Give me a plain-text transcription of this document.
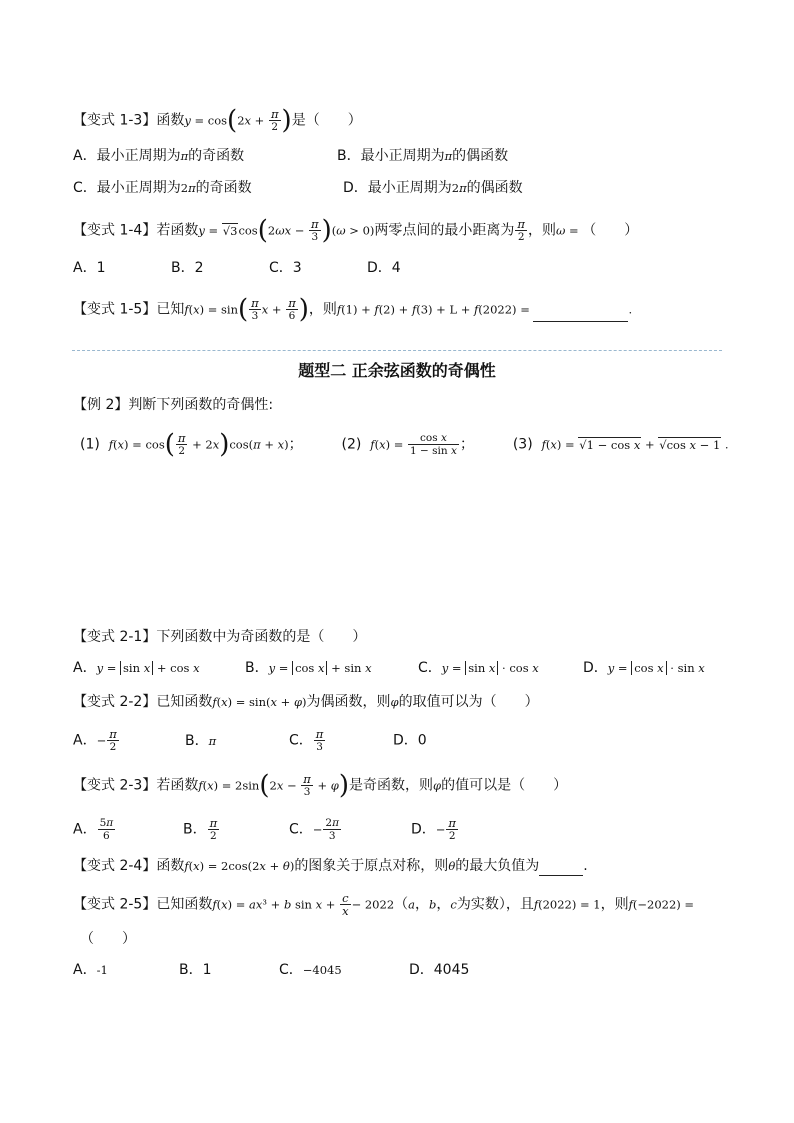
【变式 1-3】函数$y = \cos(2x + \frac{\pi}{2}$ )是（ ）
A．最小正周期为π的奇函数	B．最小正周期为π的偶函数
C．最小正周期为2π的奇函数	D．最小正周期为2π的偶函数
【变式 1-4】若函数$y = √3\cos(2\omega x - \frac{\pi}{3} )(\omega > 0)$两零点间的最小距离为 $\frac{\pi}{2}$ ，则ω = （　　）
A．1	B．2	C．3	D．4
【变式 1-5】已知$f(x) = \sin( \frac{\pi}{3}$ $x + \frac{\pi}{6}$ )，则f(1) + f(2) + f(3) + L + f(2022) =	.
题型二 正余弦函数的奇偶性
【例 2】判断下列函数的奇偶性:
(1) $f(x) = \cos( \frac{\pi}{2} + 2x)\cos(\pi + x)$；  (2) $f(x) = \frac{\text{cos x}}{\text{1 − sin x}}$ ；  (3) f(x) = √1 − cos x + √cos x − 1 .
【变式 2-1】下列函数中为奇函数的是（　　）
A．y = sin x + cos x	B．y = cos x + sin x	C．y = sin x · cos x	D．y = cos x · sin x
【变式 2-2】已知函数f(x) = sin(x + φ)为偶函数，则φ的取值可以为（　　）
A．− $\frac{\pi}{2}$	B．π	C． $\frac{\pi}{3}$	D．0
【变式 2-3】若函数$f(x) = 2\sin(2x - \frac{\pi}{3} + \varphi)$是奇函数，则φ的值可以是（　　）
A． $\frac{5\pi}{6}$	B． $\frac{\pi}{2}$	C．− $\frac{2\pi}{3}$	D．− $\frac{\pi}{2}$
【变式 2-4】函数f(x) = 2cos(2x + θ)的图象关于原点对称，则θ的最大负值为	.
【变式 2-5】已知函数f(x) = ax³ + b $\sin x + \frac{c}{x} - 2022(a$，b，c为实数），且f(2022) = 1，则f(−2022) =
（　　）
A．-1	B．1	C．−4045	D．4045
